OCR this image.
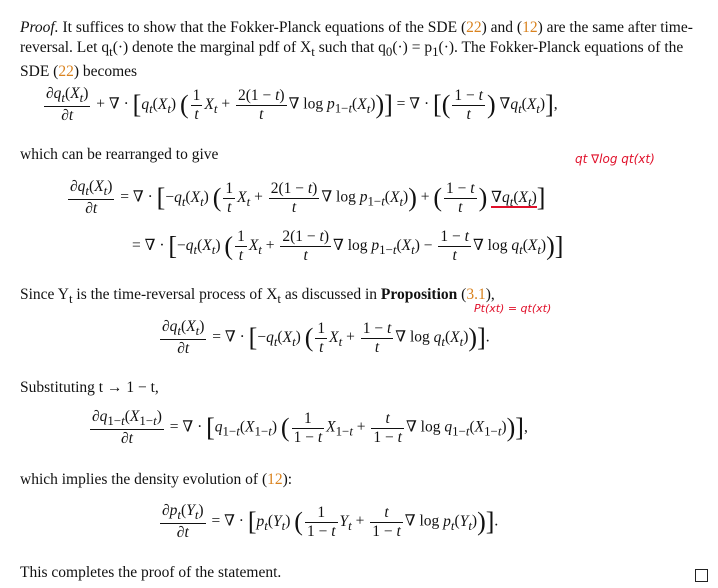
Proof. It suffices to show that the Fokker-Planck equations of the SDE (22) and (12) are the same after time-reversal. Let $q_t(\cdot)$ denote the marginal pdf of $X_t$ such that $q_0(\cdot) = p_1(\cdot)$. The Fokker-Planck equations of the SDE (22) becomes
$\frac{\partial q_t(X_t)}{\partial t}$ + ∇ · [$q_t(X_t)$ ( $\frac{1}{t} X_t + \frac{2(1 - t)}{t}$ ∇ $\log p_{1-t}(X_t)$)] = ∇ · [( $\frac{1 - t}{t}$ ) $\nabla q_t(X_t)$],
which can be rearranged to give	qt ∇log qt(xt)
$\frac{\partial q_t(X_t)}{\partial t}$ = ∇ · [$-q_t(X_t)$ ( $\frac{1}{t} X_t + \frac{2(1 - t)}{t}$ ∇ $\log p_{1-t}(X_t)$) + ( $\frac{1 - t}{t}$ ) $\nabla q_t(X_t)$]
= ∇ · [$-q_t(X_t)$ ( $\frac{1}{t} X_t + \frac{2(1 - t)}{t}$ ∇ $\log p_{1-t}(X_t) - \frac{1 - t}{t}$ ∇ $\log q_t(X_t)$)]
Since $Y_t$ is the time-reversal process of $X_t$ as discussed in Proposition (3.1),
Pt(xt) = qt(xt)
$\frac{\partial q_t(X_t)}{\partial t}$ = ∇ · [$-q_t(X_t)$ ( $\frac{1}{t} X_t + \frac{1 - t}{t}$ ∇ $\log q_t(X_t)$)].
Substituting t → 1 − t,
$\frac{\partial q_{1-t}(X_{1-t})}{\partial t}$ = ∇ · [$q_{1-t}(X_{1-t})$ ( $\frac{1}{1 - t} X_{1-t} + \frac{t}{1 - t}$ ∇ $\log q_{1-t}(X_{1-t})$)],
which implies the density evolution of (12):
$\frac{\partial p_t(Y_t)}{\partial t}$ = ∇ · [$p_t(Y_t)$ ( $\frac{1}{1 - t} Y_t + \frac{t}{1 - t}$ ∇ $\log p_t(Y_t)$)].
This completes the proof of the statement.
